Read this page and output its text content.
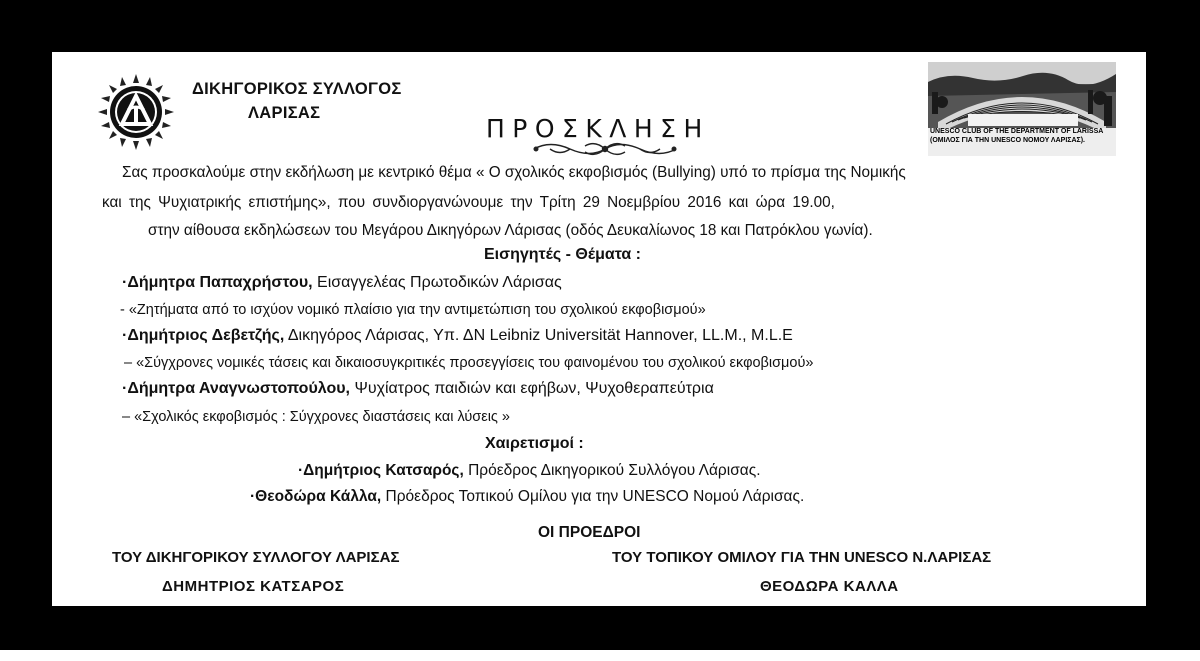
ΔΙΚΗΓΟΡΙΚΟΣ ΣΥΛΛΟΓΟΣ
ΛΑΡΙΣΑΣ
ΠΡΟΣΚΛΗΣΗ	UNESCO CLUB OF THE DEPARTMENT OF LARISSA (ΟΜΙΛΟΣ ΓΙΑ ΤΗΝ UNESCO ΝΟΜΟΥ ΛΑΡΙΣΑΣ).
Σας προσκαλούμε στην εκδήλωση με κεντρικό θέμα « Ο σχολικός εκφοβισμός (Bullying) υπό το πρίσμα της Νομικής
και της Ψυχιατρικής επιστήμης», που συνδιοργανώνουμε την Τρίτη 29 Νοεμβρίου 2016 και ώρα 19.00,
στην αίθουσα εκδηλώσεων του Μεγάρου Δικηγόρων Λάρισας (οδός Δευκαλίωνος 18 και Πατρόκλου γωνία).
Εισηγητές - Θέματα :
·Δήμητρα Παπαχρήστου, Εισαγγελέας Πρωτοδικών Λάρισας
- «Ζητήματα από το ισχύον νομικό πλαίσιο για την αντιμετώπιση του σχολικού εκφοβισμού»
·Δημήτριος Δεβετζής, Δικηγόρος Λάρισας, Υπ. ΔΝ Leibniz Universität Hannover, LL.M., M.L.E
– «Σύγχρονες νομικές τάσεις και δικαιοσυγκριτικές προσεγγίσεις του φαινομένου του σχολικού εκφοβισμού»
·Δήμητρα Αναγνωστοπούλου, Ψυχίατρος παιδιών και εφήβων, Ψυχοθεραπεύτρια
– «Σχολικός εκφοβισμός : Σύγχρονες διαστάσεις και λύσεις »
Χαιρετισμοί :
·Δημήτριος Κατσαρός, Πρόεδρος Δικηγορικού Συλλόγου Λάρισας.
·Θεοδώρα Κάλλα, Πρόεδρος Τοπικού Ομίλου για την UNESCO Νομού Λάρισας.
ΟΙ ΠΡΟΕΔΡΟΙ
ΤΟΥ ΔΙΚΗΓΟΡΙΚΟΥ ΣΥΛΛΟΓΟΥ ΛΑΡΙΣΑΣ
ΔΗΜΗΤΡΙΟΣ ΚΑΤΣΑΡΟΣ
ΤΟΥ ΤΟΠΙΚΟΥ ΟΜΙΛΟΥ ΓΙΑ ΤΗΝ UNESCO Ν.ΛΑΡΙΣΑΣ
ΘΕΟΔΩΡΑ ΚΑΛΛΑ
